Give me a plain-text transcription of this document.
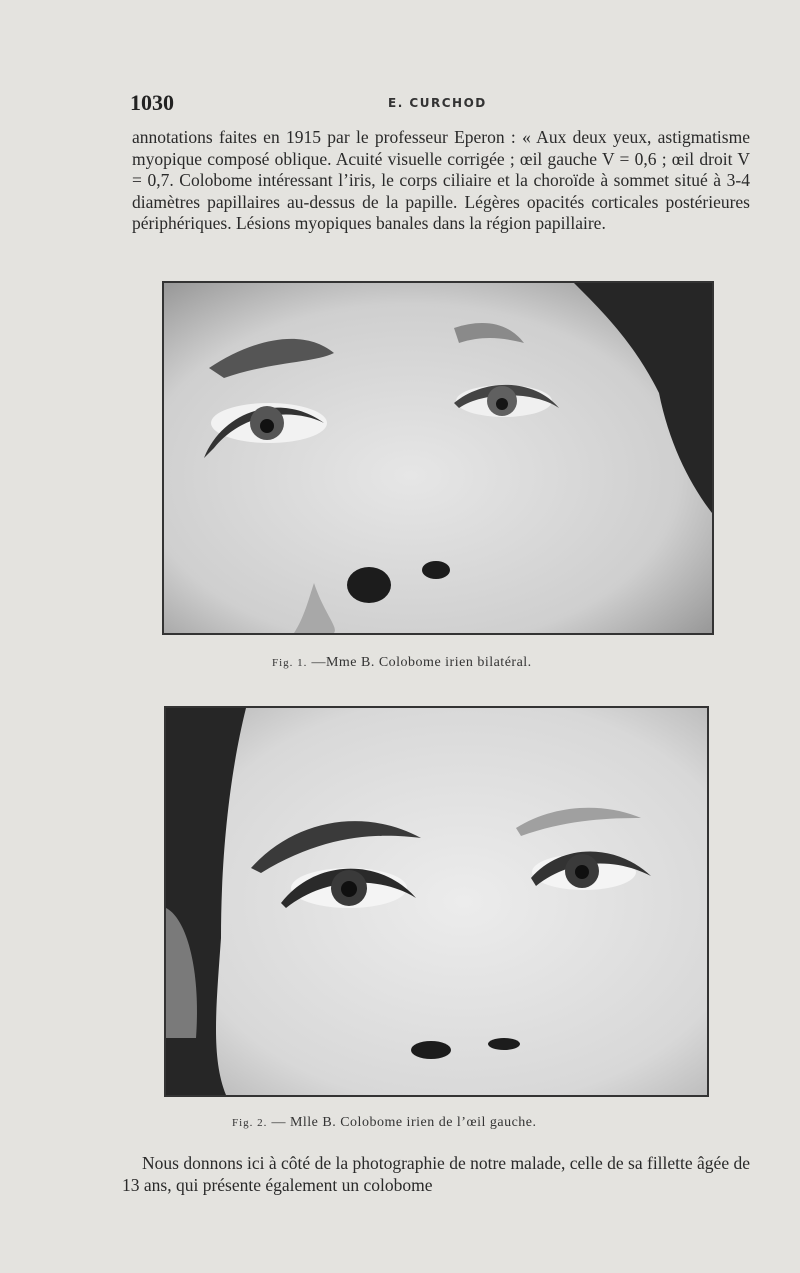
1030	E. CURCHOD

annotations faites en 1915 par le professeur Eperon : « Aux deux yeux, astigmatisme myopique composé oblique. Acuité visuelle corrigée ; œil gauche V = 0,6 ; œil droit V = 0,7. Colobome intéressant l’iris, le corps ciliaire et la choroïde à sommet situé à 3-4 diamètres papillaires au-dessus de la papille. Légères opacités corticales postérieures périphériques. Lésions myopiques banales dans la région papillaire.

Fig. 1. —Mme B. Colobome irien bilatéral.
Fig. 2. — Mlle B. Colobome irien de l’œil gauche.

Nous donnons ici à côté de la photographie de notre malade, celle de sa fillette âgée de 13 ans, qui présente également un colobome
